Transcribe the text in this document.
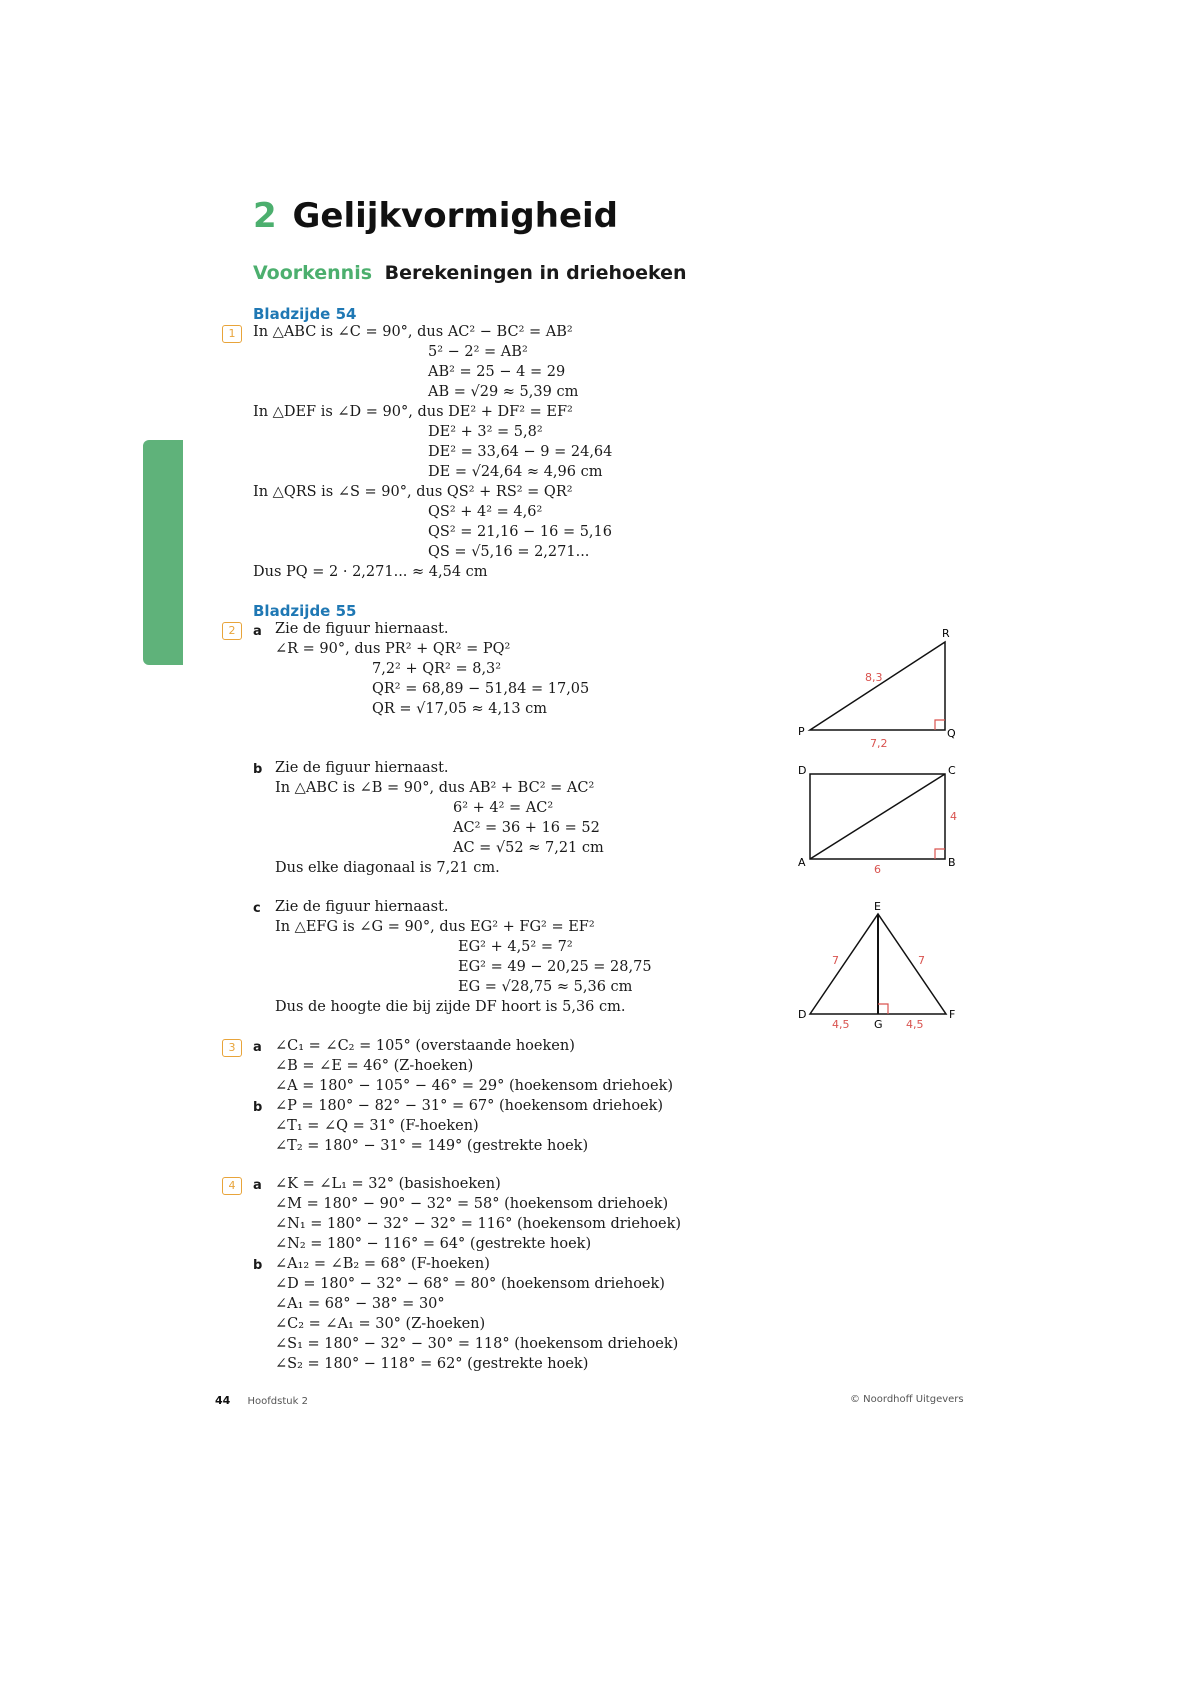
2 Gelijkvormigheid
Voorkennis Berekeningen in driehoeken
Bladzijde 54
1	In △ABC is ∠C = 90°, dus AC² − BC² = AB²
5² − 2² = AB²
AB² = 25 − 4 = 29
AB = √29 ≈ 5,39 cm
In △DEF is ∠D = 90°, dus DE² + DF² = EF²
DE² + 3² = 5,8²
DE² = 33,64 − 9 = 24,64
DE = √24,64 ≈ 4,96 cm
In △QRS is ∠S = 90°, dus QS² + RS² = QR²
QS² + 4² = 4,6²
QS² = 21,16 − 16 = 5,16
QS = √5,16 = 2,271...
Dus PQ = 2 · 2,271... ≈ 4,54 cm
Bladzijde 55
2	a Zie de figuur hiernaast.
∠R = 90°, dus PR² + QR² = PQ²
7,2² + QR² = 8,3²
QR² = 68,89 − 51,84 = 17,05
QR = √17,05 ≈ 4,13 cm
b Zie de figuur hiernaast.
In △ABC is ∠B = 90°, dus AB² + BC² = AC²
6² + 4² = AC²
AC² = 36 + 16 = 52
AC = √52 ≈ 7,21 cm
Dus elke diagonaal is 7,21 cm.
c Zie de figuur hiernaast.
In △EFG is ∠G = 90°, dus EG² + FG² = EF²
EG² + 4,5² = 7²
EG² = 49 − 20,25 = 28,75
EG = √28,75 ≈ 5,36 cm
Dus de hoogte die bij zijde DF hoort is 5,36 cm.
3	a ∠C₁ = ∠C₂ = 105° (overstaande hoeken)
∠B = ∠E = 46° (Z-hoeken)
∠A = 180° − 105° − 46° = 29° (hoekensom driehoek)
b ∠P = 180° − 82° − 31° = 67° (hoekensom driehoek)
∠T₁ = ∠Q = 31° (F-hoeken)
∠T₂ = 180° − 31° = 149° (gestrekte hoek)
4	a ∠K = ∠L₁ = 32° (basishoeken)
∠M = 180° − 90° − 32° = 58° (hoekensom driehoek)
∠N₁ = 180° − 32° − 32° = 116° (hoekensom driehoek)
∠N₂ = 180° − 116° = 64° (gestrekte hoek)
b ∠A₁₂ = ∠B₂ = 68° (F-hoeken)
∠D = 180° − 32° − 68° = 80° (hoekensom driehoek)
∠A₁ = 68° − 38° = 30°
∠C₂ = ∠A₁ = 30° (Z-hoeken)
∠S₁ = 180° − 32° − 30° = 118° (hoekensom driehoek)
∠S₂ = 180° − 118° = 62° (gestrekte hoek)
P	Q
R
8,3
7,2
A	B
C
D
6
4
D
E
F
G
7	7
4,5	4,5
44 Hoofdstuk 2	© Noordhoff Uitgevers
